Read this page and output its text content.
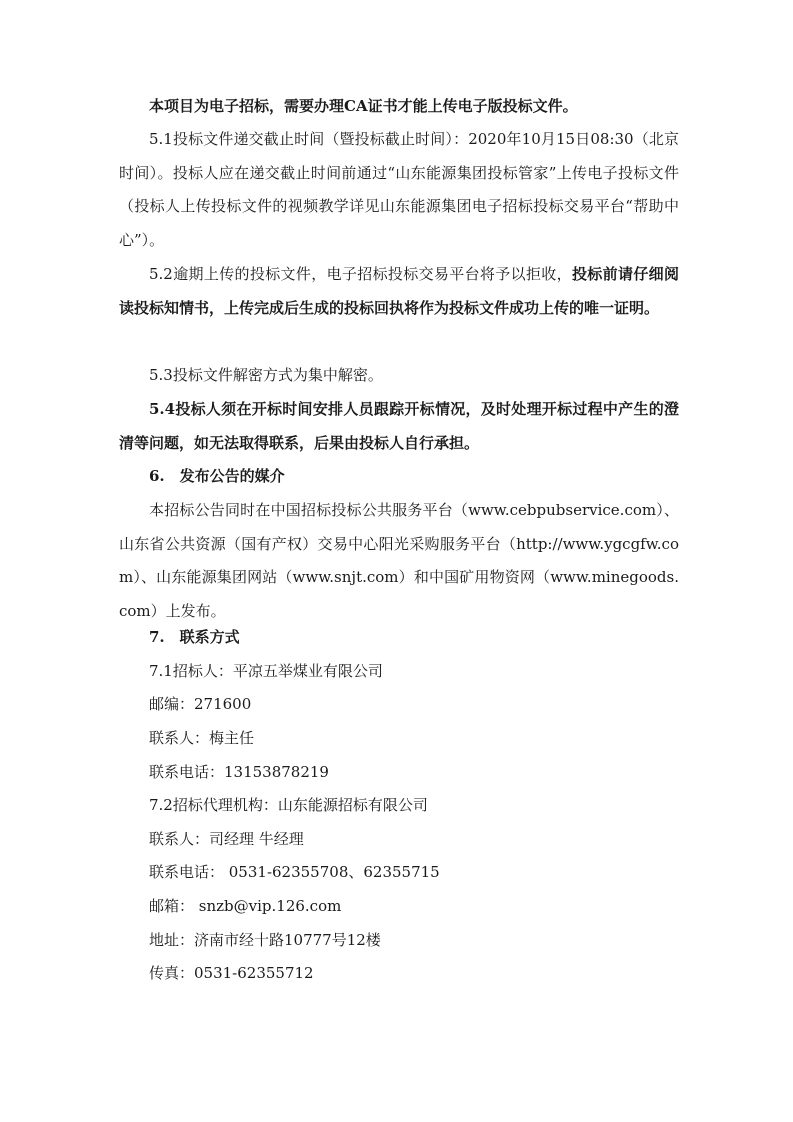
本项目为电子招标，需要办理CA证书才能上传电子版投标文件。

5.1投标文件递交截止时间（暨投标截止时间）：2020年10月15日08:30（北京时间）。投标人应在递交截止时间前通过“山东能源集团投标管家”上传电子投标文件（投标人上传投标文件的视频教学详见山东能源集团电子招标投标交易平台“帮助中心”）。

5.2逾期上传的投标文件，电子招标投标交易平台将予以拒收，投标前请仔细阅读投标知情书，上传完成后生成的投标回执将作为投标文件成功上传的唯一证明。

5.3投标文件解密方式为集中解密。

5.4投标人须在开标时间安排人员跟踪开标情况，及时处理开标过程中产生的澄清等问题，如无法取得联系，后果由投标人自行承担。

6.　发布公告的媒介

本招标公告同时在中国招标投标公共服务平台（www.cebpubservice.com）、山东省公共资源（国有产权）交易中心阳光采购服务平台（http://www.ygcgfw.com）、山东能源集团网站（www.snjt.com）和中国矿用物资网（www.minegoods.com）上发布。

7.　联系方式

7.1招标人：平凉五举煤业有限公司

邮编：271600

联系人：梅主任

联系电话：13153878219

7.2招标代理机构：山东能源招标有限公司

联系人：司经理 牛经理

联系电话： 0531-62355708、62355715

邮箱： snzb@vip.126.com

地址：济南市经十路10777号12楼

传真：0531-62355712
